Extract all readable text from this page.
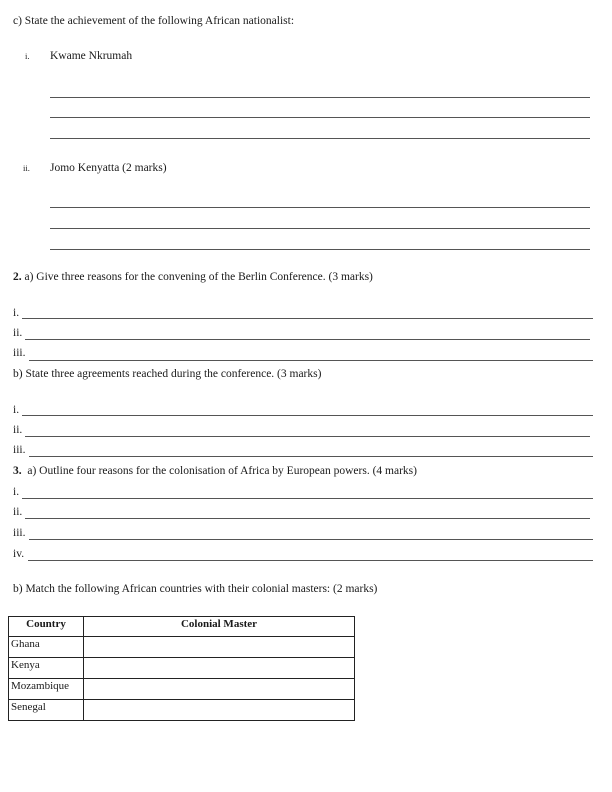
c) State the achievement of the following African nationalist:
i. Kwame Nkrumah
ii. Jomo Kenyatta (2 marks)
2. a) Give three reasons for the convening of the Berlin Conference. (3 marks)
i.
ii.
iii.
b) State three agreements reached during the conference. (3 marks)
i.
ii.
iii.
3.  a) Outline four reasons for the colonisation of Africa by European powers. (4 marks)
i.
ii.
iii.
iv.
b) Match the following African countries with their colonial masters: (2 marks)
Country	Colonial Master
Ghana	
Kenya	
Mozambique	
Senegal	
